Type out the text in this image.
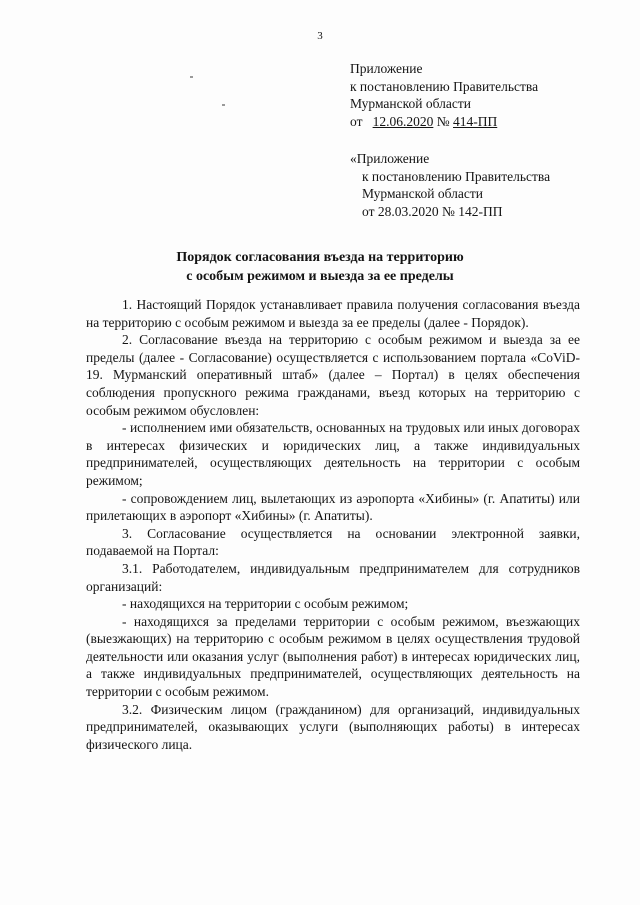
3
Приложение
к постановлению Правительства
Мурманской области
от 12.06.2020 № 414-ПП
«Приложение
к постановлению Правительства
Мурманской области
от 28.03.2020 № 142-ПП
Порядок согласования въезда на территорию
с особым режимом и выезда за ее пределы

1. Настоящий Порядок устанавливает правила получения согласования въезда на территорию с особым режимом и выезда за ее пределы (далее - Порядок).

2. Согласование въезда на территорию с особым режимом и выезда за ее пределы (далее - Согласование) осуществляется с использованием портала «CoViD-19. Мурманский оперативный штаб» (далее – Портал) в целях обеспечения соблюдения пропускного режима гражданами, въезд которых на территорию с особым режимом обусловлен:

- исполнением ими обязательств, основанных на трудовых или иных договорах в интересах физических и юридических лиц, а также индивидуальных предпринимателей, осуществляющих деятельность на территории с особым режимом;

- сопровождением лиц, вылетающих из аэропорта «Хибины» (г. Апатиты) или прилетающих в аэропорт «Хибины» (г. Апатиты).

3. Согласование осуществляется на основании электронной заявки, подаваемой на Портал:

3.1. Работодателем, индивидуальным предпринимателем для сотрудников организаций:

- находящихся на территории с особым режимом;

- находящихся за пределами территории с особым режимом, въезжающих (выезжающих) на территорию с особым режимом в целях осуществления трудовой деятельности или оказания услуг (выполнения работ) в интересах юридических лиц, а также индивидуальных предпринимателей, осуществляющих деятельность на территории с особым режимом.

3.2. Физическим лицом (гражданином) для организаций, индивидуальных предпринимателей, оказывающих услуги (выполняющих работы) в интересах физического лица.
